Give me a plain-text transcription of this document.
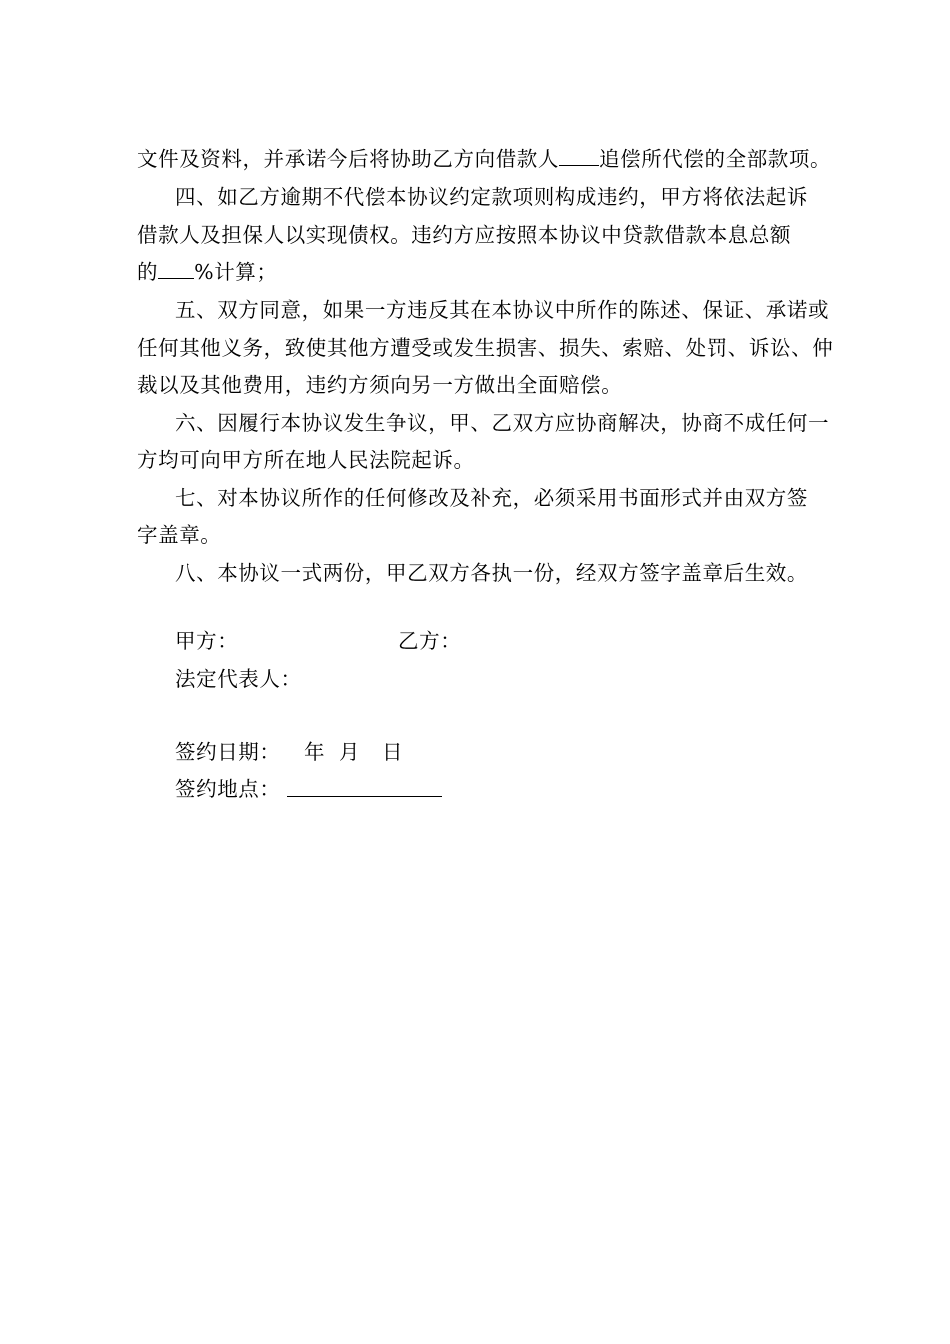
文件及资料，并承诺今后将协助乙方向借款人 追偿所代偿的全部款项。
四、如乙方逾期不代偿本协议约定款项则构成违约，甲方将依法起诉
借款人及担保人以实现债权。违约方应按照本协议中贷款借款本息总额
的 %计算；
五、双方同意，如果一方违反其在本协议中所作的陈述、保证、承诺或
任何其他义务，致使其他方遭受或发生损害、损失、索赔、处罚、诉讼、仲
裁以及其他费用，违约方须向另一方做出全面赔偿。
六、因履行本协议发生争议，甲、乙双方应协商解决，协商不成任何一
方均可向甲方所在地人民法院起诉。
七、对本协议所作的任何修改及补充，必须采用书面形式并由双方签
字盖章。
八、本协议一式两份，甲乙双方各执一份，经双方签字盖章后生效。
甲方：	乙方：
法定代表人：
签约日期： 年 月 日
签约地点：
